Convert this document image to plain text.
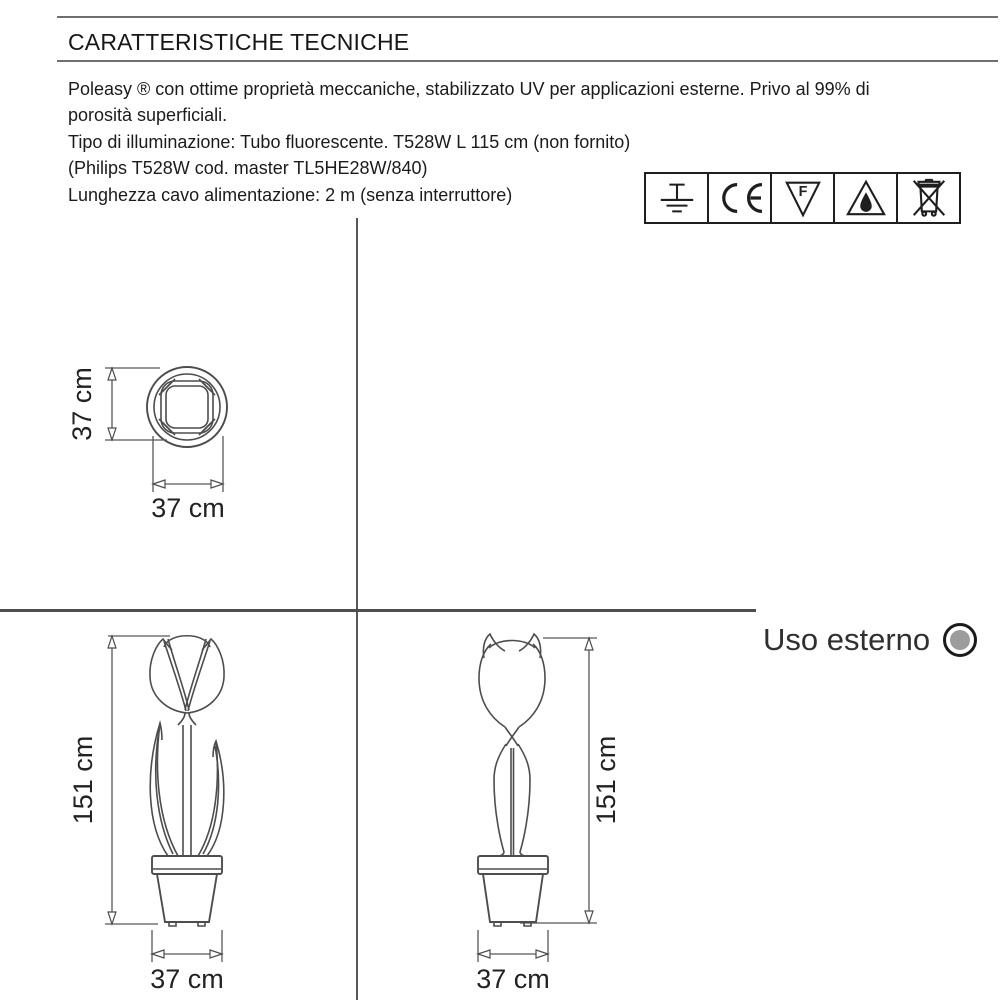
CARATTERISTICHE TECNICHE
Poleasy ® con ottime proprietà meccaniche, stabilizzato UV per applicazioni esterne. Privo al 99% di
porosità superficiali.
Tipo di illuminazione: Tubo fluorescente. T528W L 115 cm (non fornito)
(Philips T528W cod. master TL5HE28W/840)
Lunghezza cavo alimentazione: 2 m (senza interruttore)	F
37 cm
37 cm
151 cm
37 cm
151 cm
37 cm
Uso esterno
